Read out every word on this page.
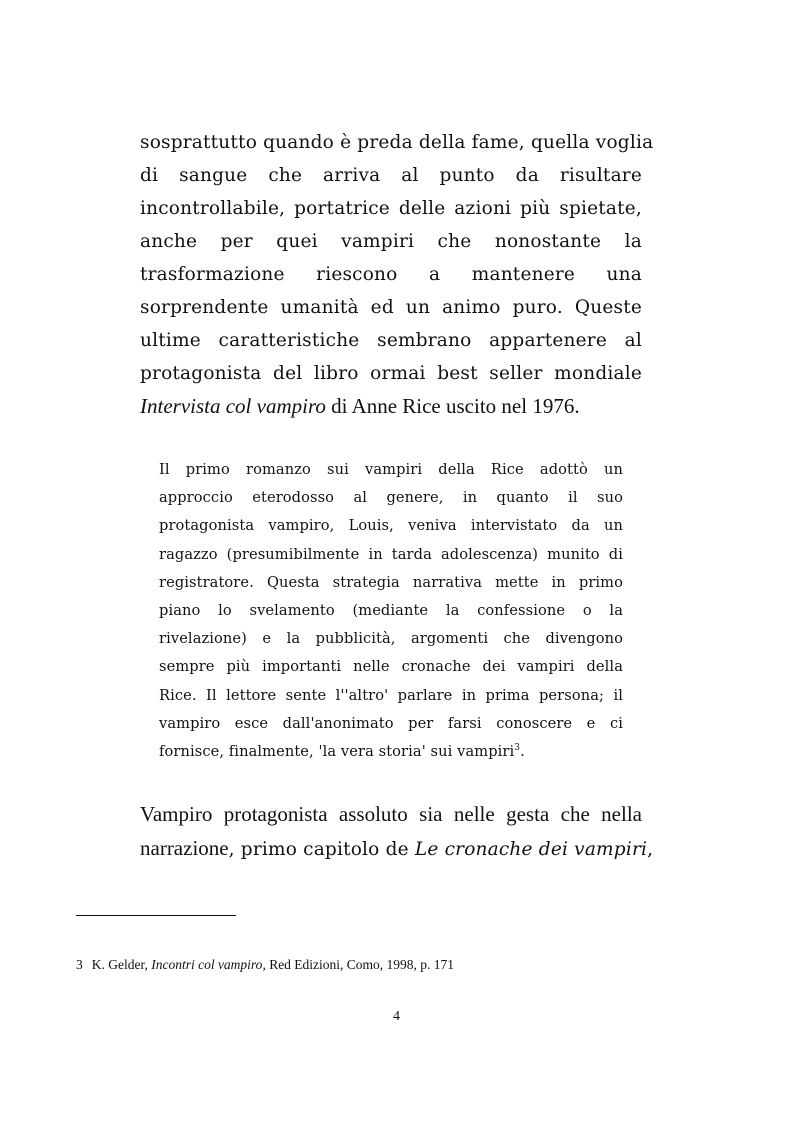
sosprattutto quando è preda della fame, quella voglia
di sangue che arriva al punto da risultare
incontrollabile, portatrice delle azioni più spietate,
anche per quei vampiri che nonostante la
trasformazione riescono a mantenere una
sorprendente umanità ed un animo puro. Queste
ultime caratteristiche sembrano appartenere al
protagonista del libro ormai best seller mondiale
Intervista col vampiro di Anne Rice uscito nel 1976.
Il primo romanzo sui vampiri della Rice adottò un
approccio eterodosso al genere, in quanto il suo
protagonista vampiro, Louis, veniva intervistato da un
ragazzo (presumibilmente in tarda adolescenza) munito di
registratore. Questa strategia narrativa mette in primo
piano lo svelamento (mediante la confessione o la
rivelazione) e la pubblicità, argomenti che divengono
sempre più importanti nelle cronache dei vampiri della
Rice. Il lettore sente l''altro' parlare in prima persona; il
vampiro esce dall'anonimato per farsi conoscere e ci
fornisce, finalmente, 'la vera storia' sui vampiri$^3$.
Vampiro protagonista assoluto sia nelle gesta che nella
narrazione, primo capitolo de Le cronache dei vampiri,
3 K. Gelder, Incontri col vampiro, Red Edizioni, Como, 1998, p. 171
4
